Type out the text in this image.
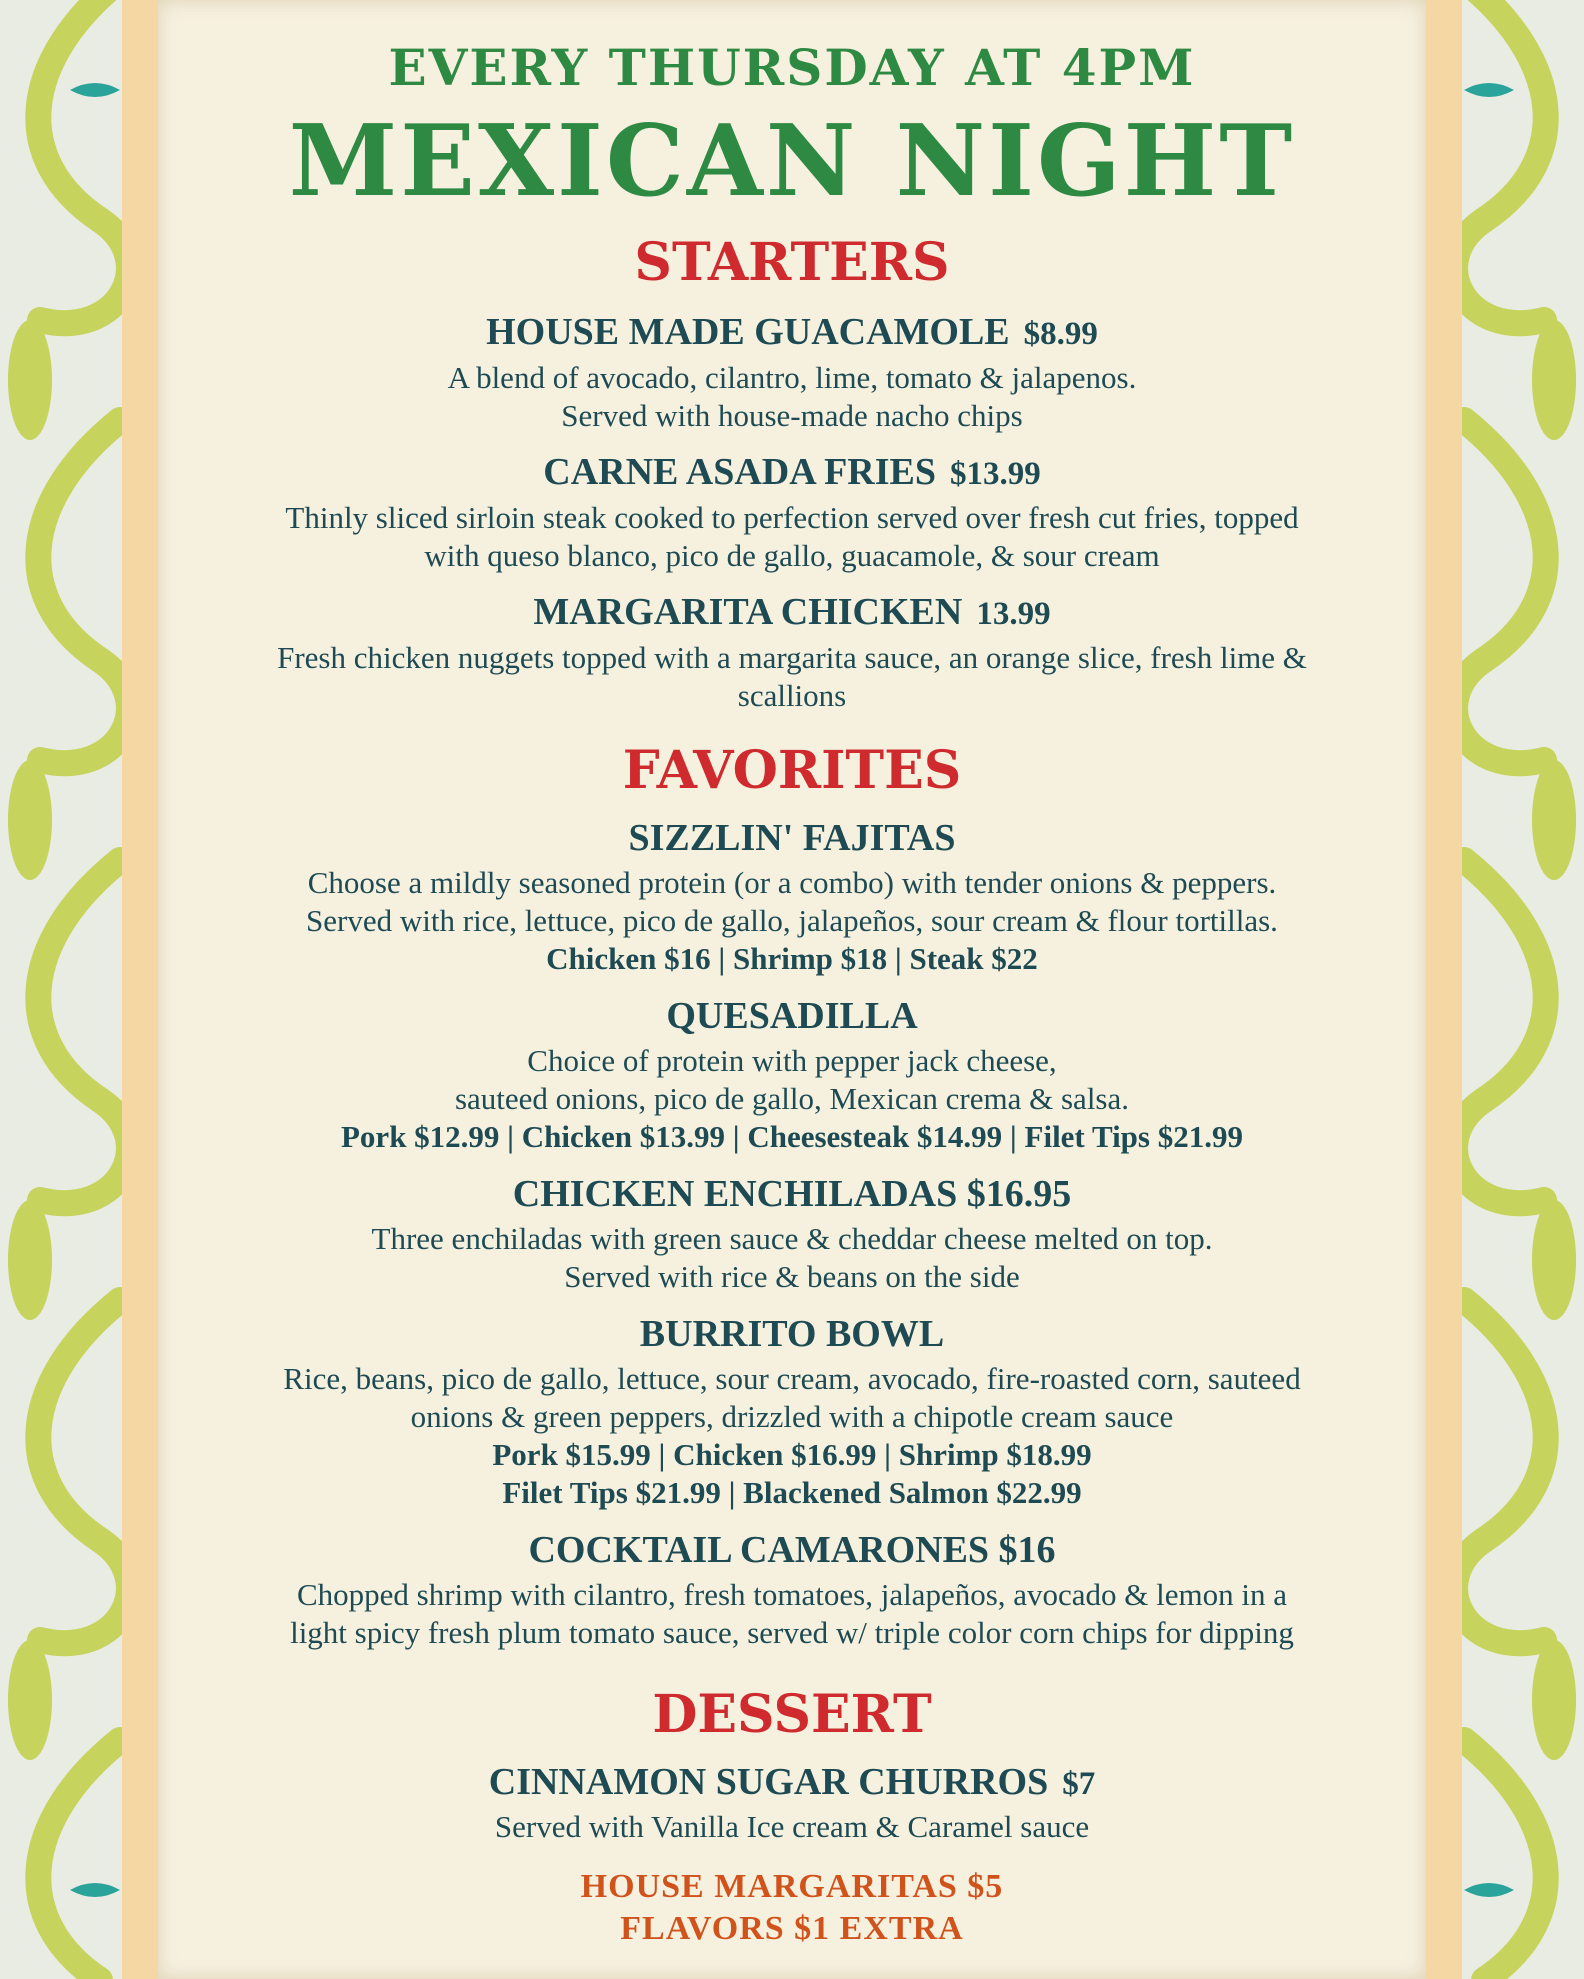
EVERY THURSDAY AT 4PM
MEXICAN NIGHT
STARTERS
HOUSE MADE GUACAMOLE $8.99
A blend of avocado, cilantro, lime, tomato & jalapenos.
Served with house-made nacho chips
CARNE ASADA FRIES $13.99
Thinly sliced sirloin steak cooked to perfection served over fresh cut fries, topped
with queso blanco, pico de gallo, guacamole, & sour cream
MARGARITA CHICKEN 13.99
Fresh chicken nuggets topped with a margarita sauce, an orange slice, fresh lime &
scallions
FAVORITES
SIZZLIN' FAJITAS
Choose a mildly seasoned protein (or a combo) with tender onions & peppers.
Served with rice, lettuce, pico de gallo, jalapeños, sour cream & flour tortillas.
Chicken $16 | Shrimp $18 | Steak $22
QUESADILLA
Choice of protein with pepper jack cheese,
sauteed onions, pico de gallo, Mexican crema & salsa.
Pork $12.99 | Chicken $13.99 | Cheesesteak $14.99 | Filet Tips $21.99
CHICKEN ENCHILADAS $16.95
Three enchiladas with green sauce & cheddar cheese melted on top.
Served with rice & beans on the side
BURRITO BOWL
Rice, beans, pico de gallo, lettuce, sour cream, avocado, fire-roasted corn, sauteed
onions & green peppers, drizzled with a chipotle cream sauce
Pork $15.99 | Chicken $16.99 | Shrimp $18.99
Filet Tips $21.99 | Blackened Salmon $22.99
COCKTAIL CAMARONES $16
Chopped shrimp with cilantro, fresh tomatoes, jalapeños, avocado & lemon in a
light spicy fresh plum tomato sauce, served w/ triple color corn chips for dipping
DESSERT
CINNAMON SUGAR CHURROS $7
Served with Vanilla Ice cream & Caramel sauce
HOUSE MARGARITAS $5
FLAVORS $1 EXTRA
